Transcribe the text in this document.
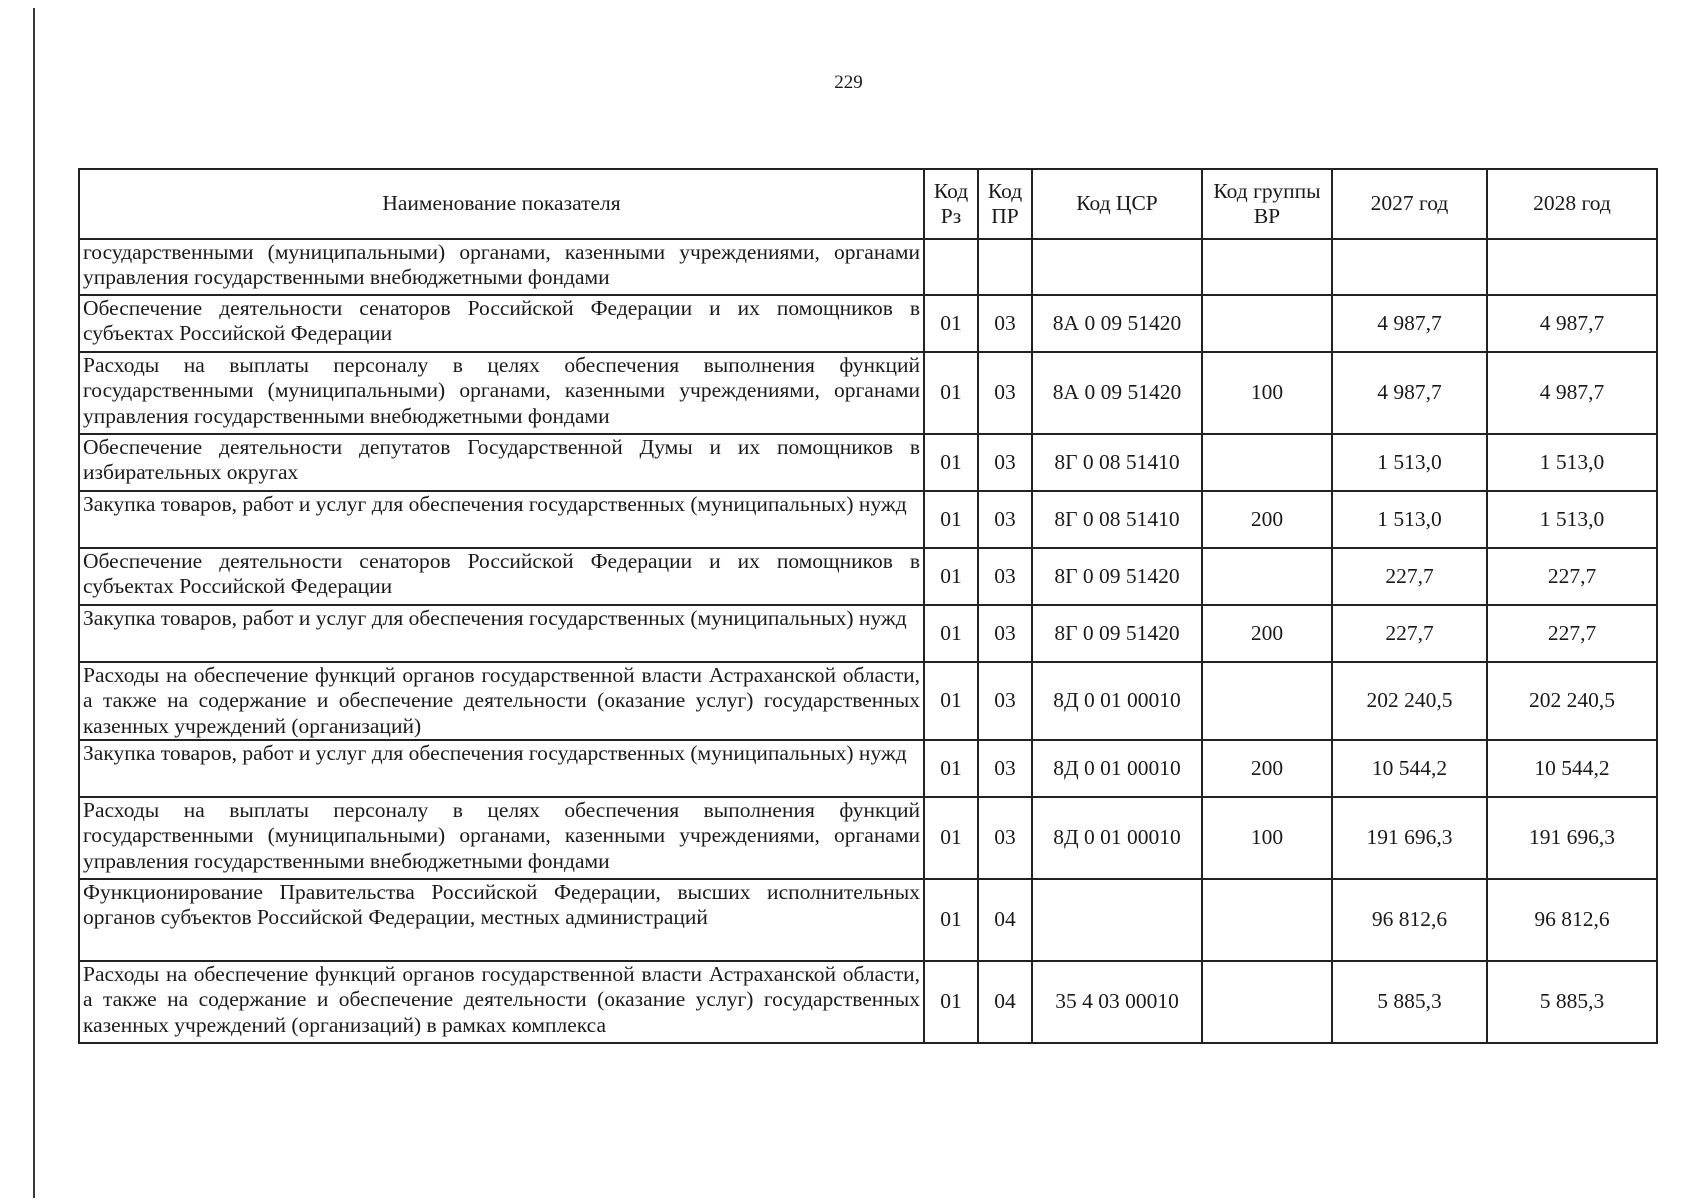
229
Наименование показателя	Код Рз	Код ПР	Код ЦСР	Код группы ВР	2027 год	2028 год
государственными (муниципальными) органами, казенными учреждениями, органами управления государственными внебюджетными фондами						
Обеспечение деятельности сенаторов Российской Федерации и их помощников в субъектах Российской Федерации	01	03	8А 0 09 51420		4 987,7	4 987,7
Расходы на выплаты персоналу в целях обеспечения выполнения функций государственными (муниципальными) органами, казенными учреждениями, органами управления государственными внебюджетными фондами	01	03	8А 0 09 51420	100	4 987,7	4 987,7
Обеспечение деятельности депутатов Государственной Думы и их помощников в избирательных округах	01	03	8Г 0 08 51410		1 513,0	1 513,0
Закупка товаров, работ и услуг для обеспечения государственных (муниципальных) нужд	01	03	8Г 0 08 51410	200	1 513,0	1 513,0
Обеспечение деятельности сенаторов Российской Федерации и их помощников в субъектах Российской Федерации	01	03	8Г 0 09 51420		227,7	227,7
Закупка товаров, работ и услуг для обеспечения государственных (муниципальных) нужд	01	03	8Г 0 09 51420	200	227,7	227,7
Расходы на обеспечение функций органов государственной власти Астраханской области, а также на содержание и обеспечение деятельности (оказание услуг) государственных казенных учреждений (организаций)	01	03	8Д 0 01 00010		202 240,5	202 240,5
Закупка товаров, работ и услуг для обеспечения государственных (муниципальных) нужд	01	03	8Д 0 01 00010	200	10 544,2	10 544,2
Расходы на выплаты персоналу в целях обеспечения выполнения функций государственными (муниципальными) органами, казенными учреждениями, органами управления государственными внебюджетными фондами	01	03	8Д 0 01 00010	100	191 696,3	191 696,3
Функционирование Правительства Российской Федерации, высших исполнительных органов субъектов Российской Федерации, местных администраций	01	04			96 812,6	96 812,6
Расходы на обеспечение функций органов государственной власти Астраханской области, а также на содержание и обеспечение деятельности (оказание услуг) государственных казенных учреждений (организаций) в рамках комплекса	01	04	35 4 03 00010		5 885,3	5 885,3
